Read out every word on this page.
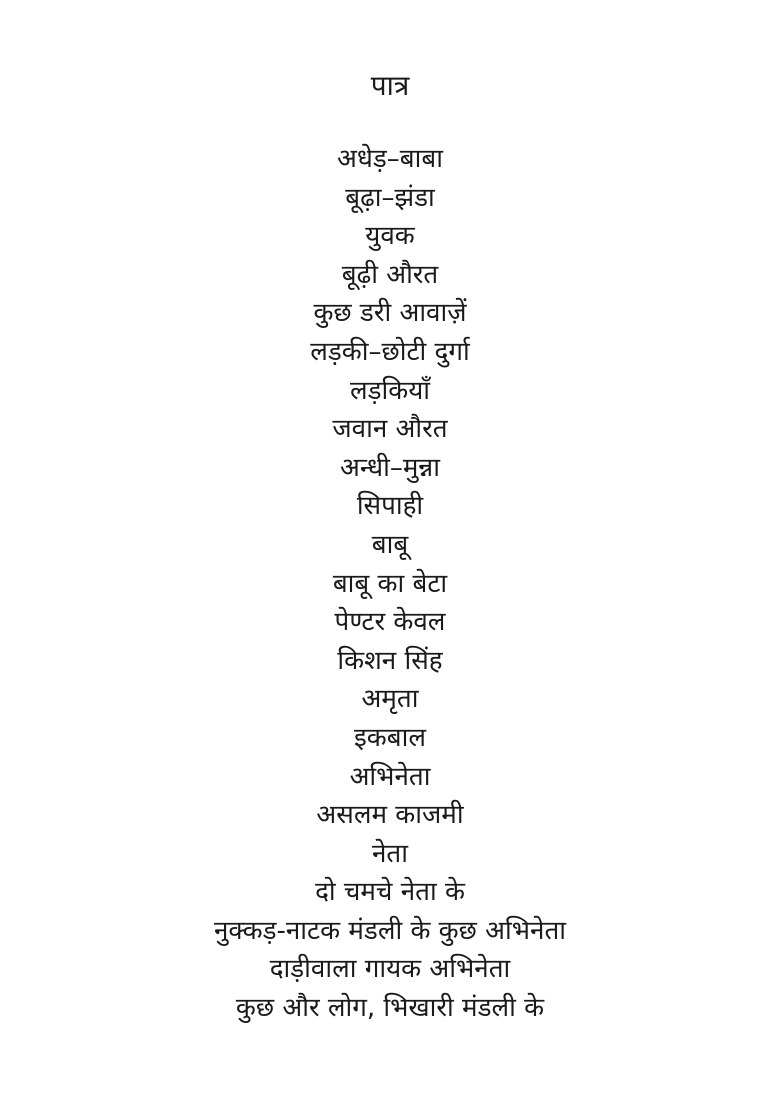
पात्र
अधेड़–बाबा
बूढ़ा–झंडा
युवक
बूढ़ी औरत
कुछ डरी आवाज़ें
लड़की–छोटी दुर्गा
लड़कियाँ
जवान औरत
अन्धी–मुन्ना
सिपाही
बाबू
बाबू का बेटा
पेण्टर केवल
किशन सिंह
अमृता
इकबाल
अभिनेता
असलम काजमी
नेता
दो चमचे नेता के
नुक्कड़-नाटक मंडली के कुछ अभिनेता
दाड़ीवाला गायक अभिनेता
कुछ और लोग, भिखारी मंडली के
